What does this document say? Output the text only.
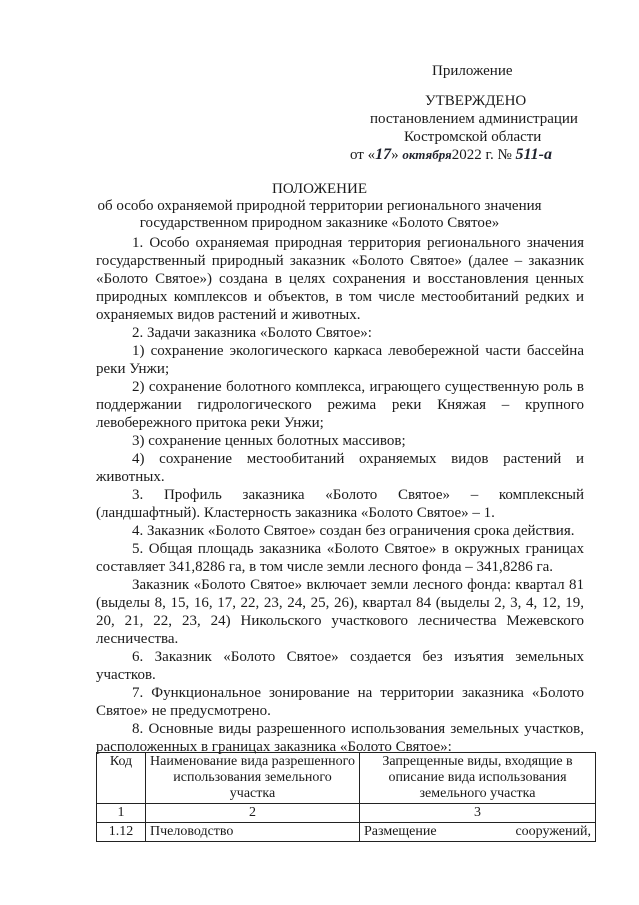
Приложение
УТВЕРЖДЕНО
постановлением администрации
Костромской области
от «17» октября2022 г. № 511-а
ПОЛОЖЕНИЕ
об особо охраняемой природной территории регионального значения
государственном природном заказнике «Болото Святое»

1. Особо охраняемая природная территория регионального значения государственный природный заказник «Болото Святое» (далее – заказник «Болото Святое») создана в целях сохранения и восстановления ценных природных комплексов и объектов, в том числе местообитаний редких и охраняемых видов растений и животных.

2. Задачи заказника «Болото Святое»:

1) сохранение экологического каркаса левобережной части бассейна реки Унжи;

2) сохранение болотного комплекса, играющего существенную роль в поддержании гидрологического режима реки Княжая – крупного левобережного притока реки Унжи;

3) сохранение ценных болотных массивов;

4) сохранение местообитаний охраняемых видов растений и животных.

3. Профиль заказника «Болото Святое» – комплексный (ландшафтный). Кластерность заказника «Болото Святое» – 1.

4. Заказник «Болото Святое» создан без ограничения срока действия.

5. Общая площадь заказника «Болото Святое» в окружных границах составляет 341,8286 га, в том числе земли лесного фонда – 341,8286 га.

Заказник «Болото Святое» включает земли лесного фонда: квартал 81 (выделы 8, 15, 16, 17, 22, 23, 24, 25, 26), квартал 84 (выделы 2, 3, 4, 12, 19, 20, 21, 22, 23, 24) Никольского участкового лесничества Межевского лесничества.

6. Заказник «Болото Святое» создается без изъятия земельных участков.

7. Функциональное зонирование на территории заказника «Болото Святое» не предусмотрено.

8. Основные виды разрешенного использования земельных участков, расположенных в границах заказника «Болото Святое»:

Код	Наименование вида разрешенного использования земельного участка	Запрещенные виды, входящие в описание вида использования земельного участка
1	2	3
1.12	Пчеловодство	Размещение сооружений,
